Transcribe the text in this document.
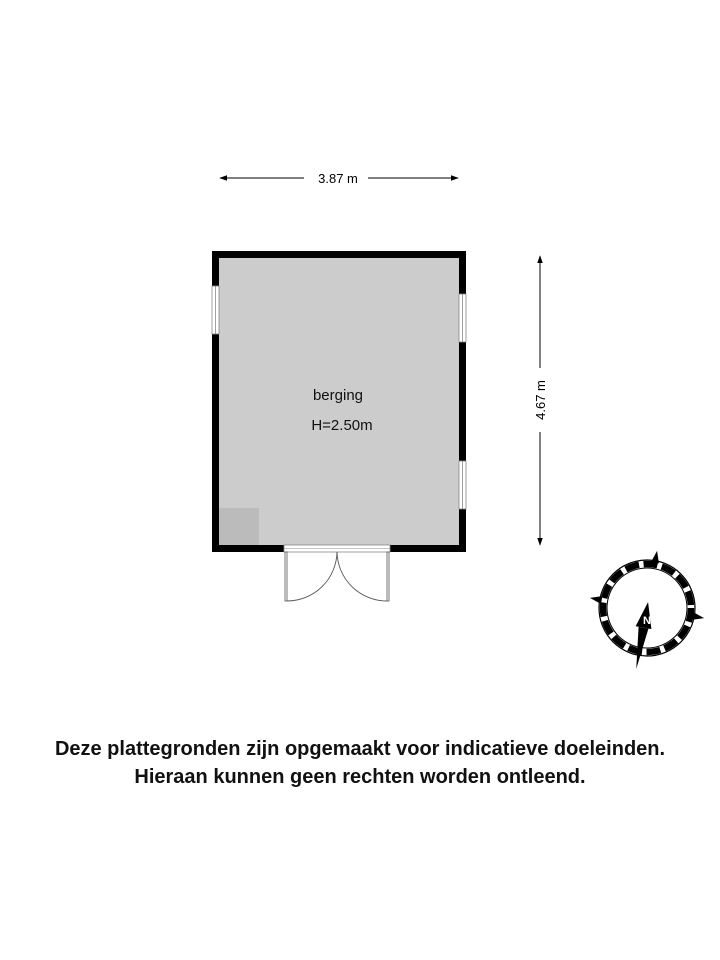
3.87 m
4.67 m
berging
H=2.50m
N
Deze plattegronden zijn opgemaakt voor indicatieve doeleinden.
Hieraan kunnen geen rechten worden ontleend.
